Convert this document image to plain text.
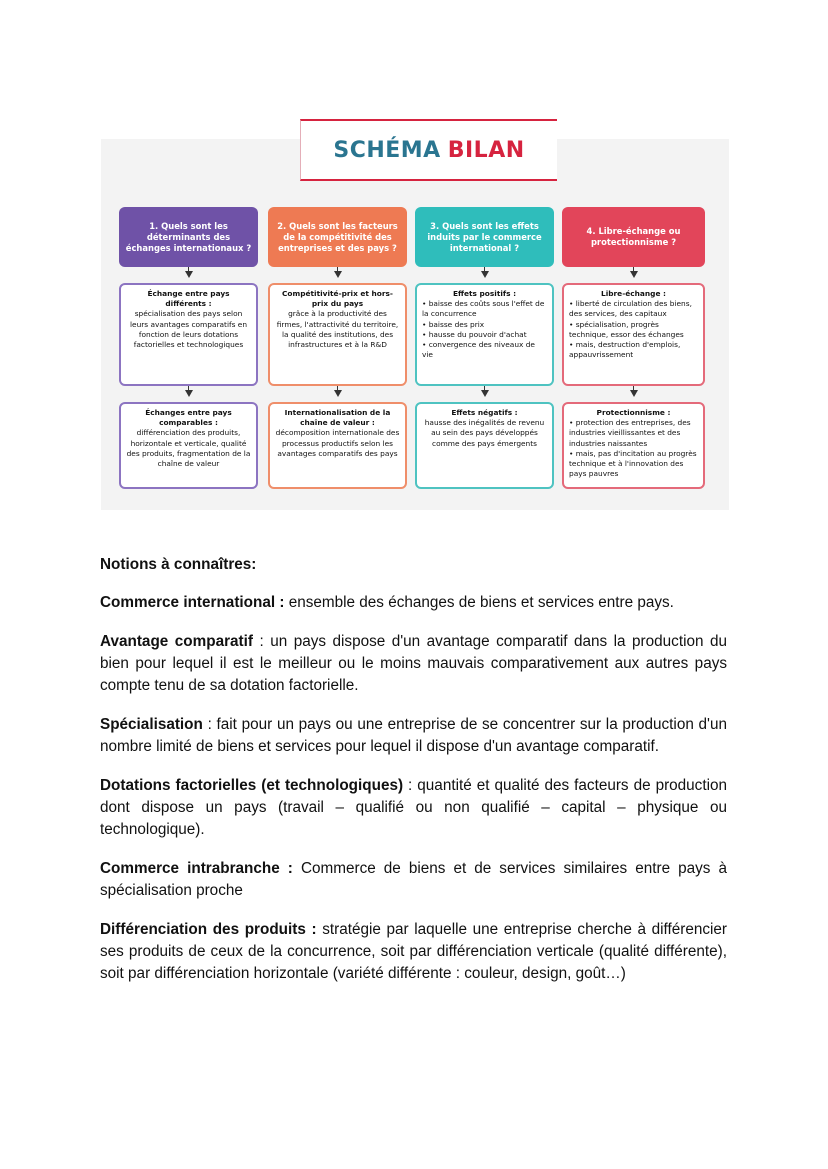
SCHÉMA BILAN
1. Quels sont les déterminants des échanges internationaux ?
Échange entre pays différents :
spécialisation des pays selon leurs avantages comparatifs en fonction de leurs dotations factorielles et technologiques
Échanges entre pays comparables :
différenciation des produits, horizontale et verticale, qualité des produits, fragmentation de la chaîne de valeur
2. Quels sont les facteurs de la compétitivité des entreprises et des pays ?
Compétitivité-prix et hors-prix du pays
grâce à la productivité des firmes, l'attractivité du territoire, la qualité des institutions, des infrastructures et à la R&D
Internationalisation de la chaîne de valeur :
décomposition internationale des processus productifs selon les avantages comparatifs des pays
3. Quels sont les effets induits par le commerce international ?
Effets positifs :
• baisse des coûts sous l'effet de la concurrence
• baisse des prix
• hausse du pouvoir d'achat
• convergence des niveaux de vie
Effets négatifs :
hausse des inégalités de revenu au sein des pays développés comme des pays émergents
4. Libre-échange ou protectionnisme ?
Libre-échange :
• liberté de circulation des biens, des services, des capitaux
• spécialisation, progrès technique, essor des échanges
• mais, destruction d'emplois, appauvrissement
Protectionnisme :
• protection des entreprises, des industries vieillissantes et des industries naissantes
• mais, pas d'incitation au progrès technique et à l'innovation des pays pauvres
Notions à connaîtres:

Commerce international : ensemble des échanges de biens et services entre pays.

Avantage comparatif : un pays dispose d'un avantage comparatif dans la production du bien pour lequel il est le meilleur ou le moins mauvais comparativement aux autres pays compte tenu de sa dotation factorielle.

Spécialisation : fait pour un pays ou une entreprise de se concentrer sur la production d'un nombre limité de biens et services pour lequel il dispose d'un avantage comparatif.

Dotations factorielles (et technologiques) : quantité et qualité des facteurs de production dont dispose un pays (travail – qualifié ou non qualifié – capital – physique ou technologique).

Commerce intrabranche : Commerce de biens et de services similaires entre pays à spécialisation proche

Différenciation des produits : stratégie par laquelle une entreprise cherche à différencier ses produits de ceux de la concurrence, soit par différenciation verticale (qualité différente), soit par différenciation horizontale (variété différente : couleur, design, goût…)
